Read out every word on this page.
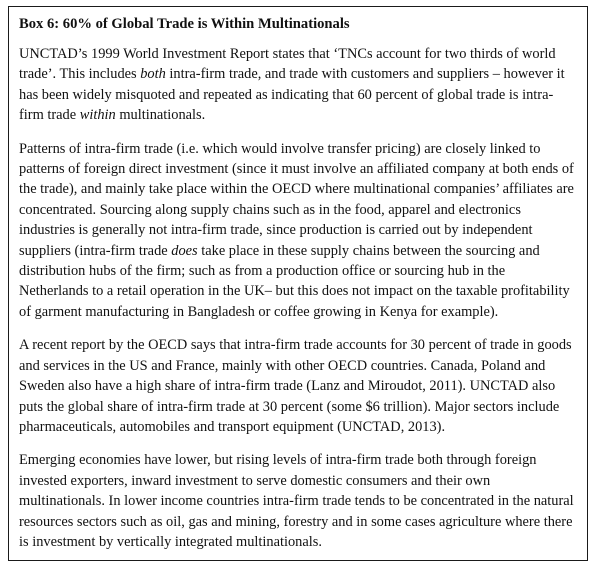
Box 6: 60% of Global Trade is Within Multinationals

UNCTAD’s 1999 World Investment Report states that ‘TNCs account for two thirds of world trade’. This includes both intra-firm trade, and trade with customers and suppliers – however it has been widely misquoted and repeated as indicating that 60 percent of global trade is intra-firm trade within multinationals.

Patterns of intra-firm trade (i.e. which would involve transfer pricing) are closely linked to patterns of foreign direct investment (since it must involve an affiliated company at both ends of the trade), and mainly take place within the OECD where multinational companies’ affiliates are concentrated. Sourcing along supply chains such as in the food, apparel and electronics industries is generally not intra-firm trade, since production is carried out by independent suppliers (intra-firm trade does take place in these supply chains between the sourcing and distribution hubs of the firm; such as from a production office or sourcing hub in the Netherlands to a retail operation in the UK– but this does not impact on the taxable profitability of garment manufacturing in Bangladesh or coffee growing in Kenya for example).

A recent report by the OECD says that intra-firm trade accounts for 30 percent of trade in goods and services in the US and France, mainly with other OECD countries. Canada, Poland and Sweden also have a high share of intra-firm trade (Lanz and Miroudot, 2011). UNCTAD also puts the global share of intra-firm trade at 30 percent (some $6 trillion). Major sectors include pharmaceuticals, automobiles and transport equipment (UNCTAD, 2013).

Emerging economies have lower, but rising levels of intra-firm trade both through foreign invested exporters, inward investment to serve domestic consumers and their own multinationals. In lower income countries intra-firm trade tends to be concentrated in the natural resources sectors such as oil, gas and mining, forestry and in some cases agriculture where there is investment by vertically integrated multinationals.
